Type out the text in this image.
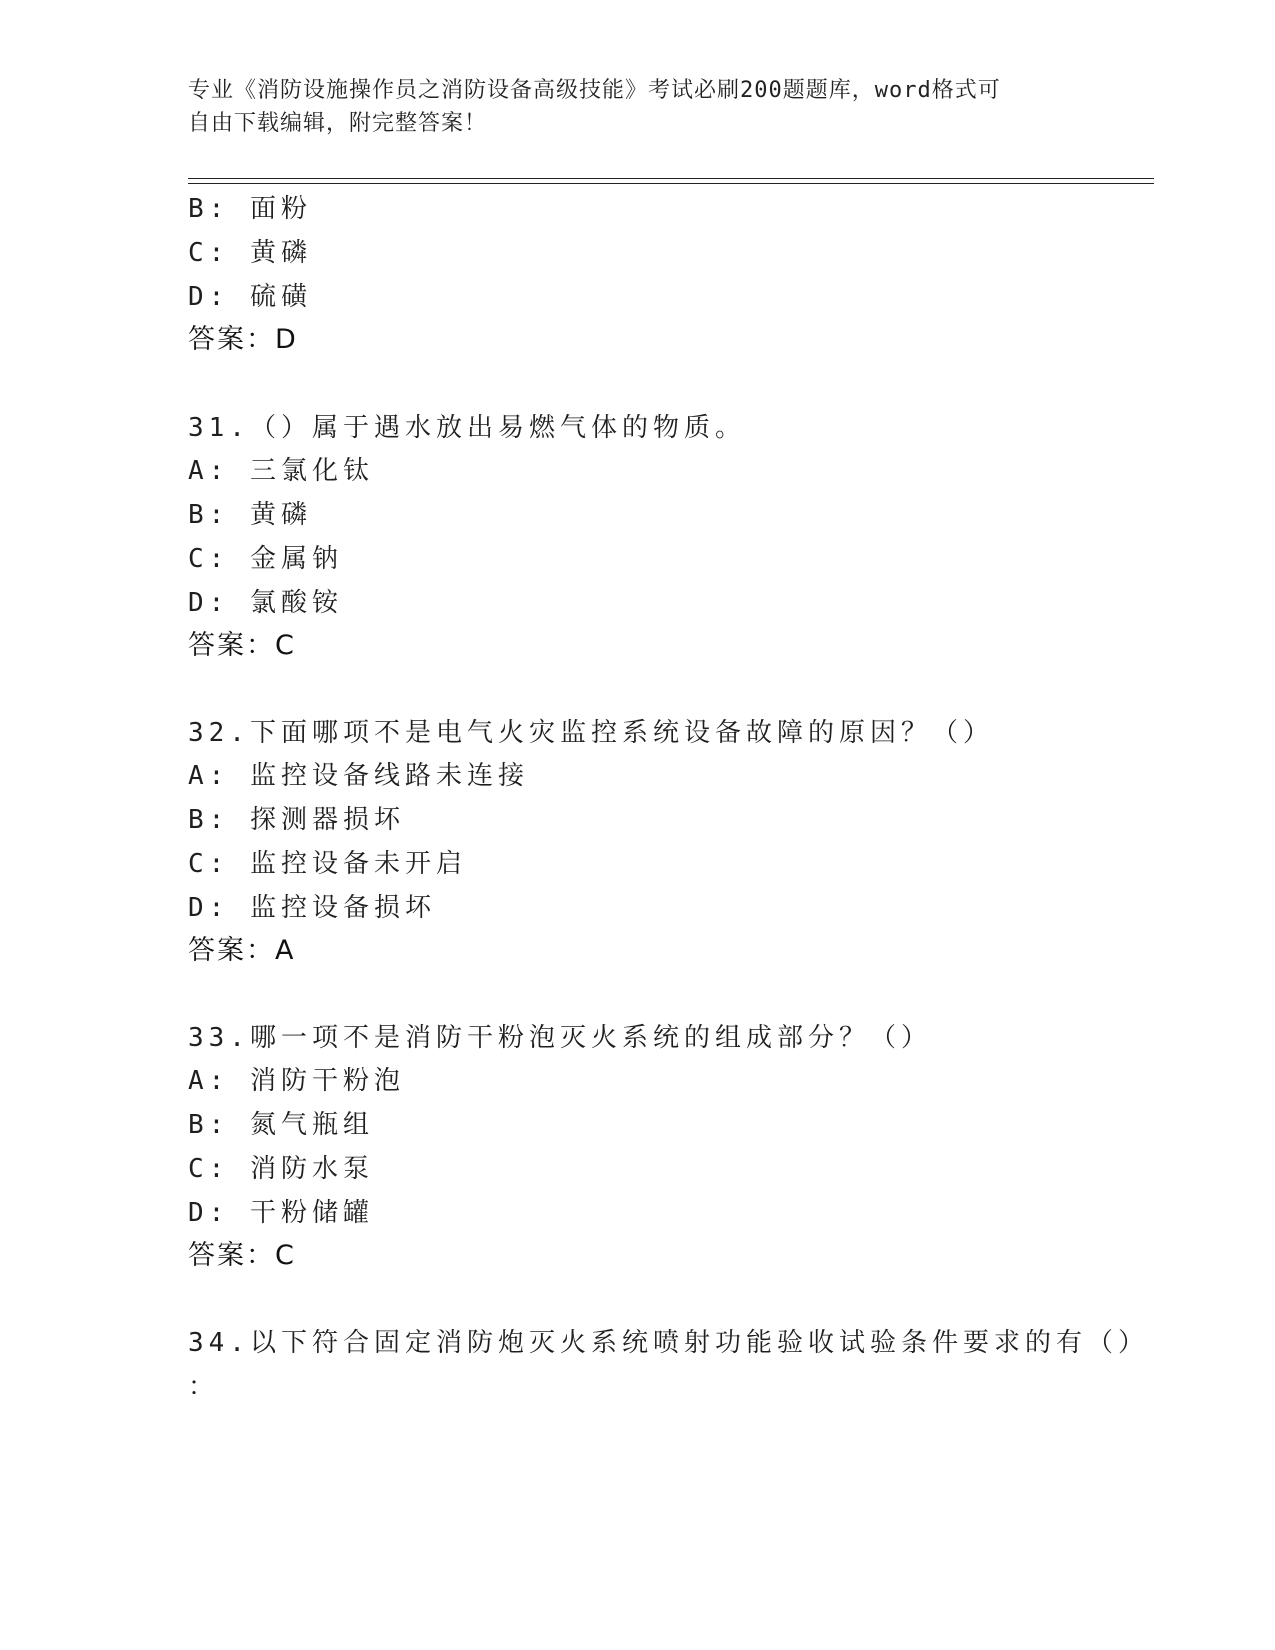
专业《消防设施操作员之消防设备高级技能》考试必刷200题题库，word格式可
自由下载编辑，附完整答案！
B: 面粉
C: 黄磷
D: 硫磺
答案：D
31.（）属于遇水放出易燃气体的物质。
A: 三氯化钛
B: 黄磷
C: 金属钠
D: 氯酸铵
答案：C
32.下面哪项不是电气火灾监控系统设备故障的原因？（）
A: 监控设备线路未连接
B: 探测器损坏
C: 监控设备未开启
D: 监控设备损坏
答案：A
33.哪一项不是消防干粉泡灭火系统的组成部分？（）
A: 消防干粉泡
B: 氮气瓶组
C: 消防水泵
D: 干粉储罐
答案：C
34.以下符合固定消防炮灭火系统喷射功能验收试验条件要求的有（）
：
